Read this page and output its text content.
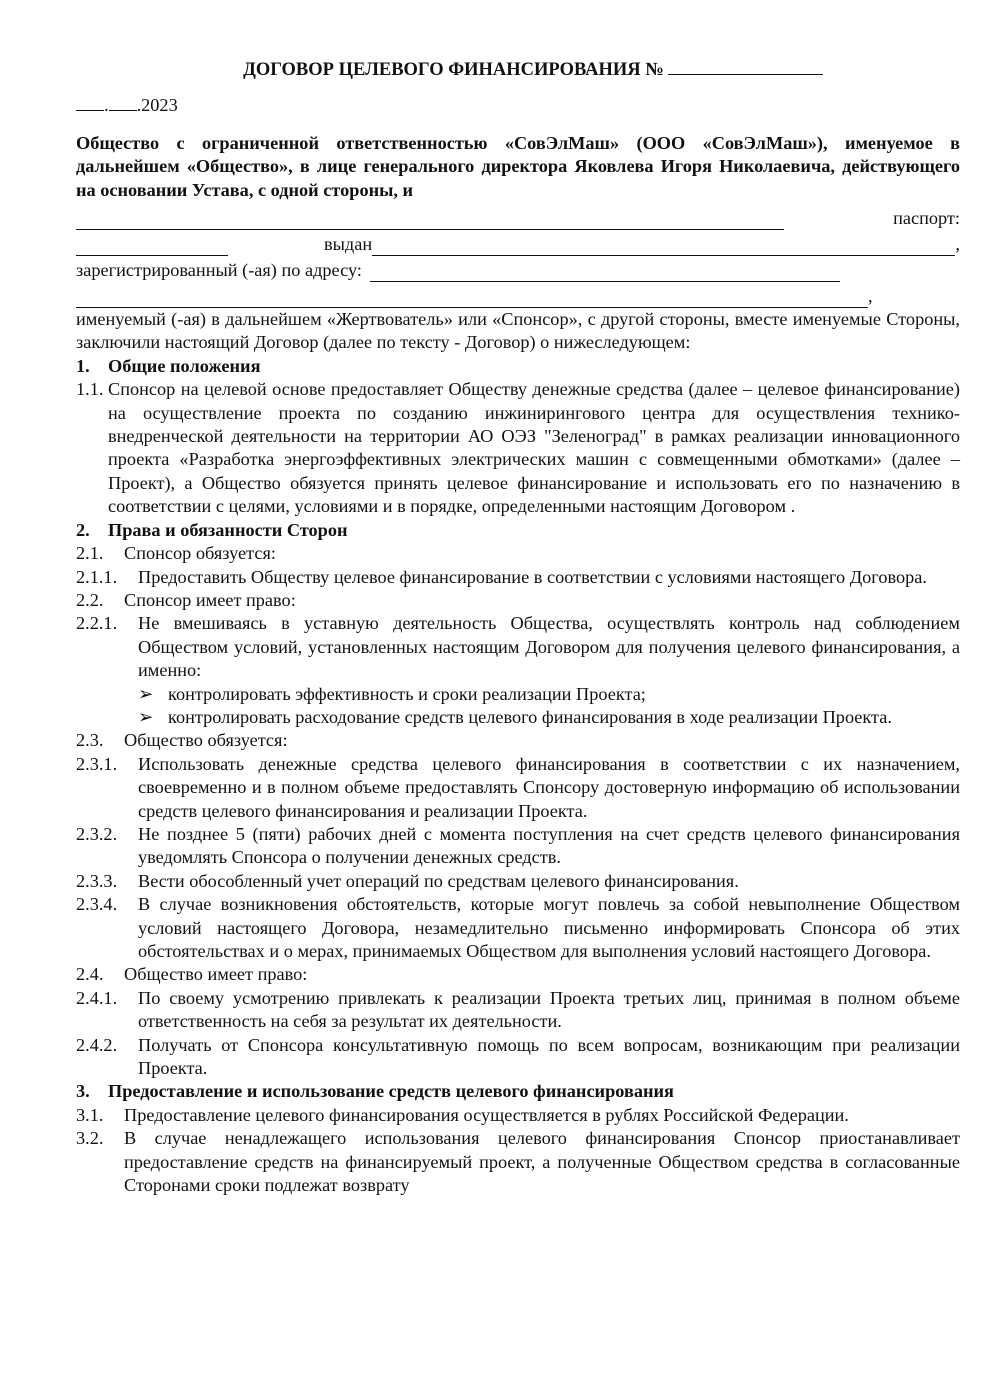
ДОГОВОР ЦЕЛЕВОГО ФИНАНСИРОВАНИЯ №
. .2023
Общество с ограниченной ответственностью «СовЭлМаш» (ООО «СовЭлМаш»), именуемое в дальнейшем «Общество», в лице генерального директора Яковлева Игоря Николаевича, действующего на основании Устава, с одной стороны, и
паспорт:
выдан	,
зарегистрированный (-ая) по адресу:
,
именуемый (-ая) в дальнейшем «Жертвователь» или «Спонсор», с другой стороны, вместе именуемые Стороны, заключили настоящий Договор (далее по тексту - Договор) о нижеследующем:
1. Общие положения
1.1. Спонсор на целевой основе предоставляет Обществу денежные средства (далее – целевое финансирование) на осуществление проекта по созданию инжинирингового центра для осуществления технико-внедренческой деятельности на территории АО ОЭЗ "Зеленоград" в рамках реализации инновационного проекта «Разработка энергоэффективных электрических машин с совмещенными обмотками» (далее – Проект), а Общество обязуется принять целевое финансирование и использовать его по назначению в соответствии с целями, условиями и в порядке, определенными настоящим Договором .
2. Права и обязанности Сторон
2.1.	Спонсор обязуется:
2.1.1.	Предоставить Обществу целевое финансирование в соответствии с условиями настоящего Договора.
2.2.	Спонсор имеет право:
2.2.1.	Не вмешиваясь в уставную деятельность Общества, осуществлять контроль над соблюдением Обществом условий, установленных настоящим Договором для получения целевого финансирования, а именно:
➢ контролировать эффективность и сроки реализации Проекта;
➢ контролировать расходование средств целевого финансирования в ходе реализации Проекта.
2.3.	Общество обязуется:
2.3.1.	Использовать денежные средства целевого финансирования в соответствии с их назначением, своевременно и в полном объеме предоставлять Спонсору достоверную информацию об использовании средств целевого финансирования и реализации Проекта.
2.3.2.	Не позднее 5 (пяти) рабочих дней с момента поступления на счет средств целевого финансирования уведомлять Спонсора о получении денежных средств.
2.3.3.	Вести обособленный учет операций по средствам целевого финансирования.
2.3.4.	В случае возникновения обстоятельств, которые могут повлечь за собой невыполнение Обществом условий настоящего Договора, незамедлительно письменно информировать Спонсора об этих обстоятельствах и о мерах, принимаемых Обществом для выполнения условий настоящего Договора.
2.4.	Общество имеет право:
2.4.1.	По своему усмотрению привлекать к реализации Проекта третьих лиц, принимая в полном объеме ответственность на себя за результат их деятельности.
2.4.2.	Получать от Спонсора консультативную помощь по всем вопросам, возникающим при реализации Проекта.
3. Предоставление и использование средств целевого финансирования
3.1.	Предоставление целевого финансирования осуществляется в рублях Российской Федерации.
3.2.	В случае ненадлежащего использования целевого финансирования Спонсор приостанавливает предоставление средств на финансируемый проект, а полученные Обществом средства в согласованные Сторонами сроки подлежат возврату
